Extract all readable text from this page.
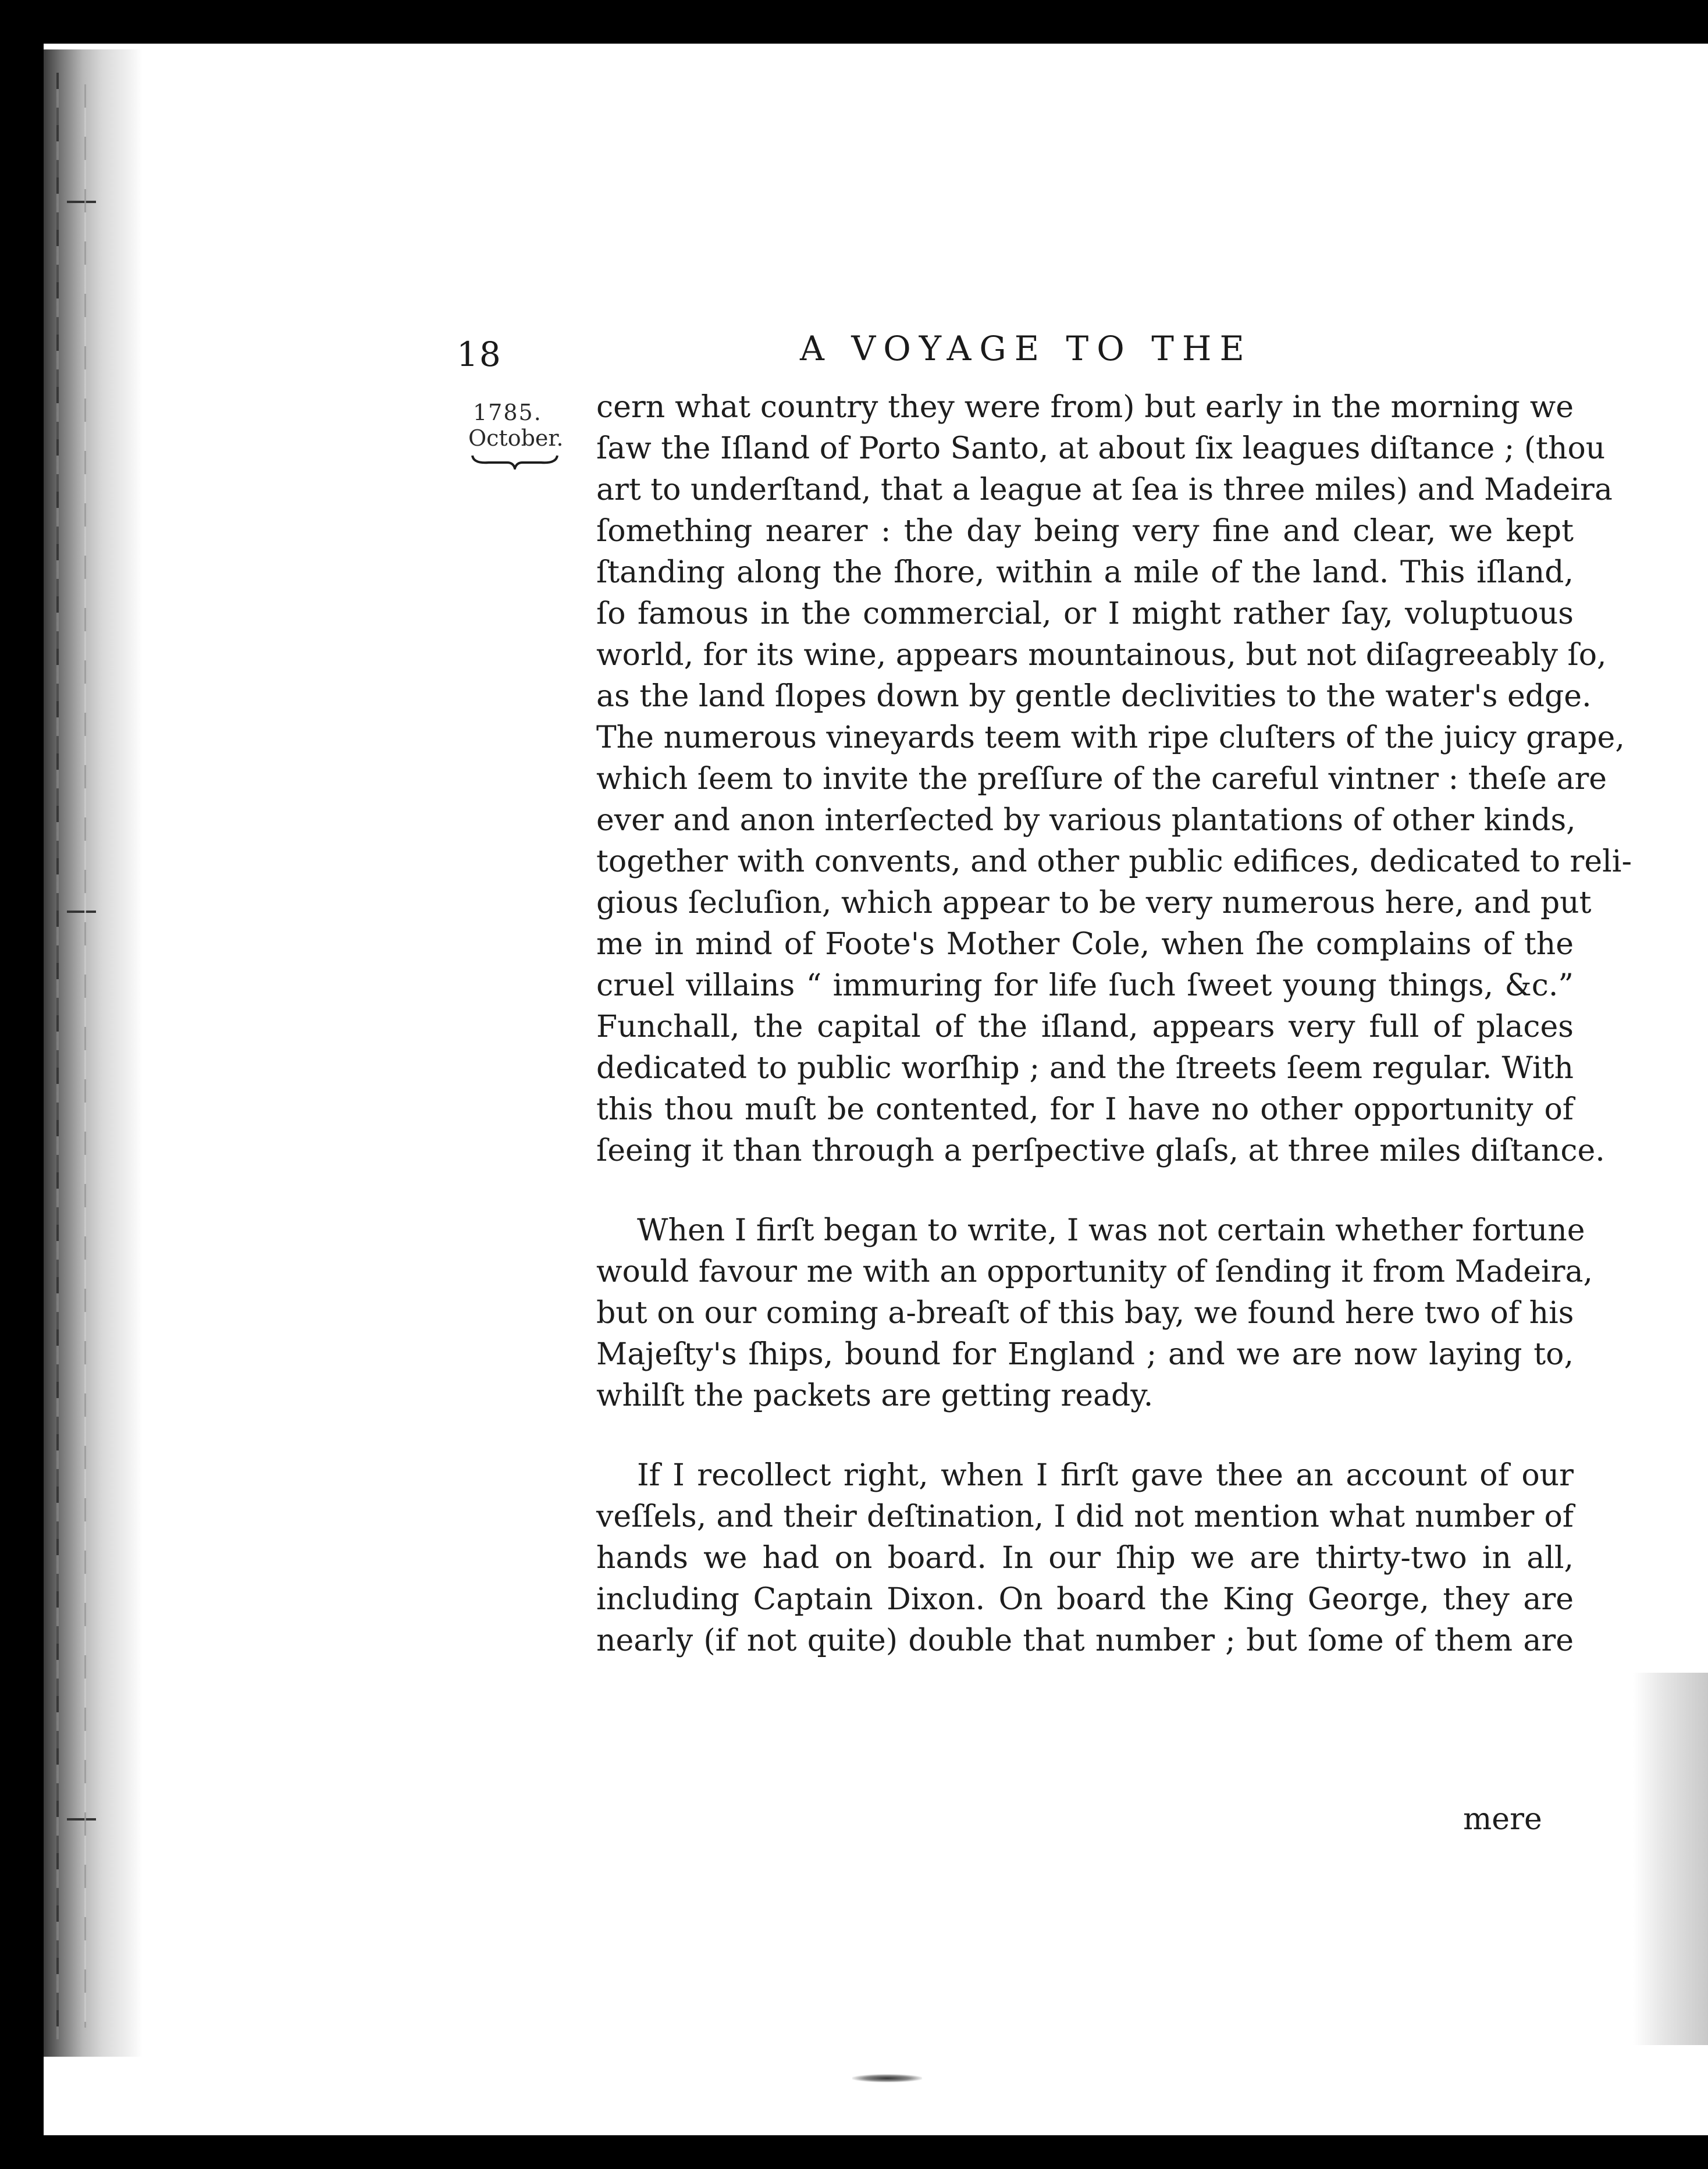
18	A VOYAGE TO THE
1785.
October.
cern what country they were from) but early in the morning we
ſaw the Iſland of Porto Santo, at about ſix leagues diſtance ; (thou
art to underſtand, that a league at ſea is three miles) and Madeira
ſomething nearer : the day being very fine and clear, we kept
ſtanding along the ſhore, within a mile of the land. This iſland,
ſo famous in the commercial, or I might rather ſay, voluptuous
world, for its wine, appears mountainous, but not diſagreeably ſo,
as the land ſlopes down by gentle declivities to the water's edge.
The numerous vineyards teem with ripe cluſters of the juicy grape,
which ſeem to invite the preſſure of the careful vintner : theſe are
ever and anon interſected by various plantations of other kinds,
together with convents, and other public edifices, dedicated to reli-
gious ſecluſion, which appear to be very numerous here, and put
me in mind of Foote's Mother Cole, when ſhe complains of the
cruel villains “ immuring for life ſuch ſweet young things, &c.”
Funchall, the capital of the iſland, appears very full of places
dedicated to public worſhip ; and the ſtreets ſeem regular. With
this thou muſt be contented, for I have no other opportunity of
ſeeing it than through a perſpective glaſs, at three miles diſtance.
When I firſt began to write, I was not certain whether fortune
would favour me with an opportunity of ſending it from Madeira,
but on our coming a-breaſt of this bay, we found here two of his
Majeſty's ſhips, bound for England ; and we are now laying to,
whilſt the packets are getting ready.
If I recollect right, when I firſt gave thee an account of our
veſſels, and their deſtination, I did not mention what number of
hands we had on board. In our ſhip we are thirty-two in all,
including Captain Dixon. On board the King George, they are
nearly (if not quite) double that number ; but ſome of them are
mere
